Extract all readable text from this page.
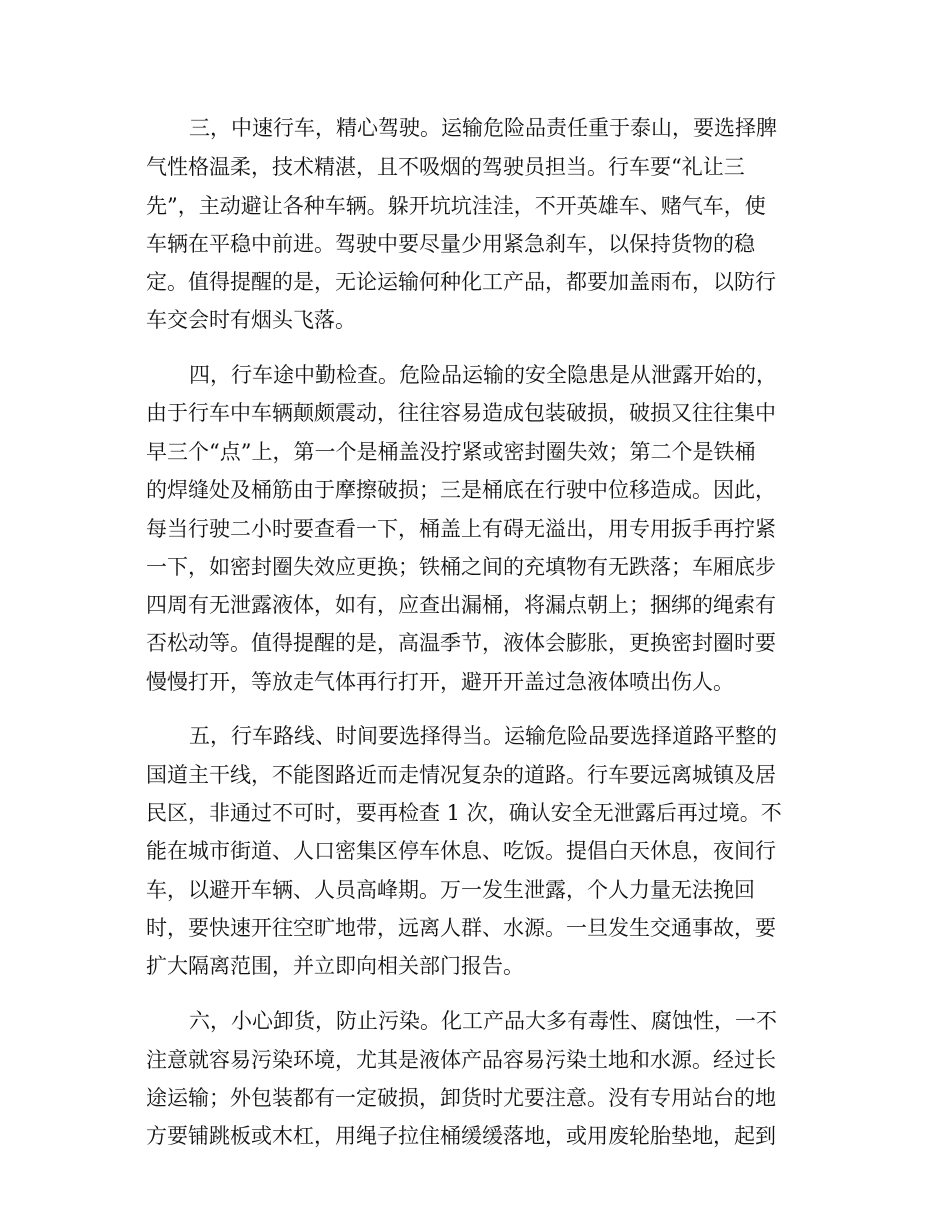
三，中速行车，精心驾驶。运输危险品责任重于泰山，要选择脾

气性格温柔，技术精湛，且不吸烟的驾驶员担当。行车要“礼让三

先”，主动避让各种车辆。躲开坑坑洼洼，不开英雄车、赌气车，使

车辆在平稳中前进。驾驶中要尽量少用紧急刹车，以保持货物的稳

定。值得提醒的是，无论运输何种化工产品，都要加盖雨布，以防行

车交会时有烟头飞落。

四，行车途中勤检查。危险品运输的安全隐患是从泄露开始的，

由于行车中车辆颠颇震动，往往容易造成包装破损，破损又往往集中

早三个“点”上，第一个是桶盖没拧紧或密封圈失效；第二个是铁桶

的焊缝处及桶筋由于摩擦破损；三是桶底在行驶中位移造成。因此，

每当行驶二小时要查看一下，桶盖上有碍无溢出，用专用扳手再拧紧

一下，如密封圈失效应更换；铁桶之间的充填物有无跌落；车厢底步

四周有无泄露液体，如有，应查出漏桶，将漏点朝上；捆绑的绳索有

否松动等。值得提醒的是，高温季节，液体会膨胀，更换密封圈时要

慢慢打开，等放走气体再行打开，避开开盖过急液体喷出伤人。

五，行车路线、时间要选择得当。运输危险品要选择道路平整的

国道主干线，不能图路近而走情况复杂的道路。行车要远离城镇及居

民区，非通过不可时，要再检查 1 次，确认安全无泄露后再过境。不

能在城市街道、人口密集区停车休息、吃饭。提倡白天休息，夜间行

车，以避开车辆、人员高峰期。万一发生泄露，个人力量无法挽回

时，要快速开往空旷地带，远离人群、水源。一旦发生交通事故，要

扩大隔离范围，并立即向相关部门报告。

六，小心卸货，防止污染。化工产品大多有毒性、腐蚀性，一不

注意就容易污染环境，尤其是液体产品容易污染土地和水源。经过长

途运输；外包装都有一定破损，卸货时尤要注意。没有专用站台的地

方要铺跳板或木杠，用绳子拉住桶缓缓落地，或用废轮胎垫地，起到
